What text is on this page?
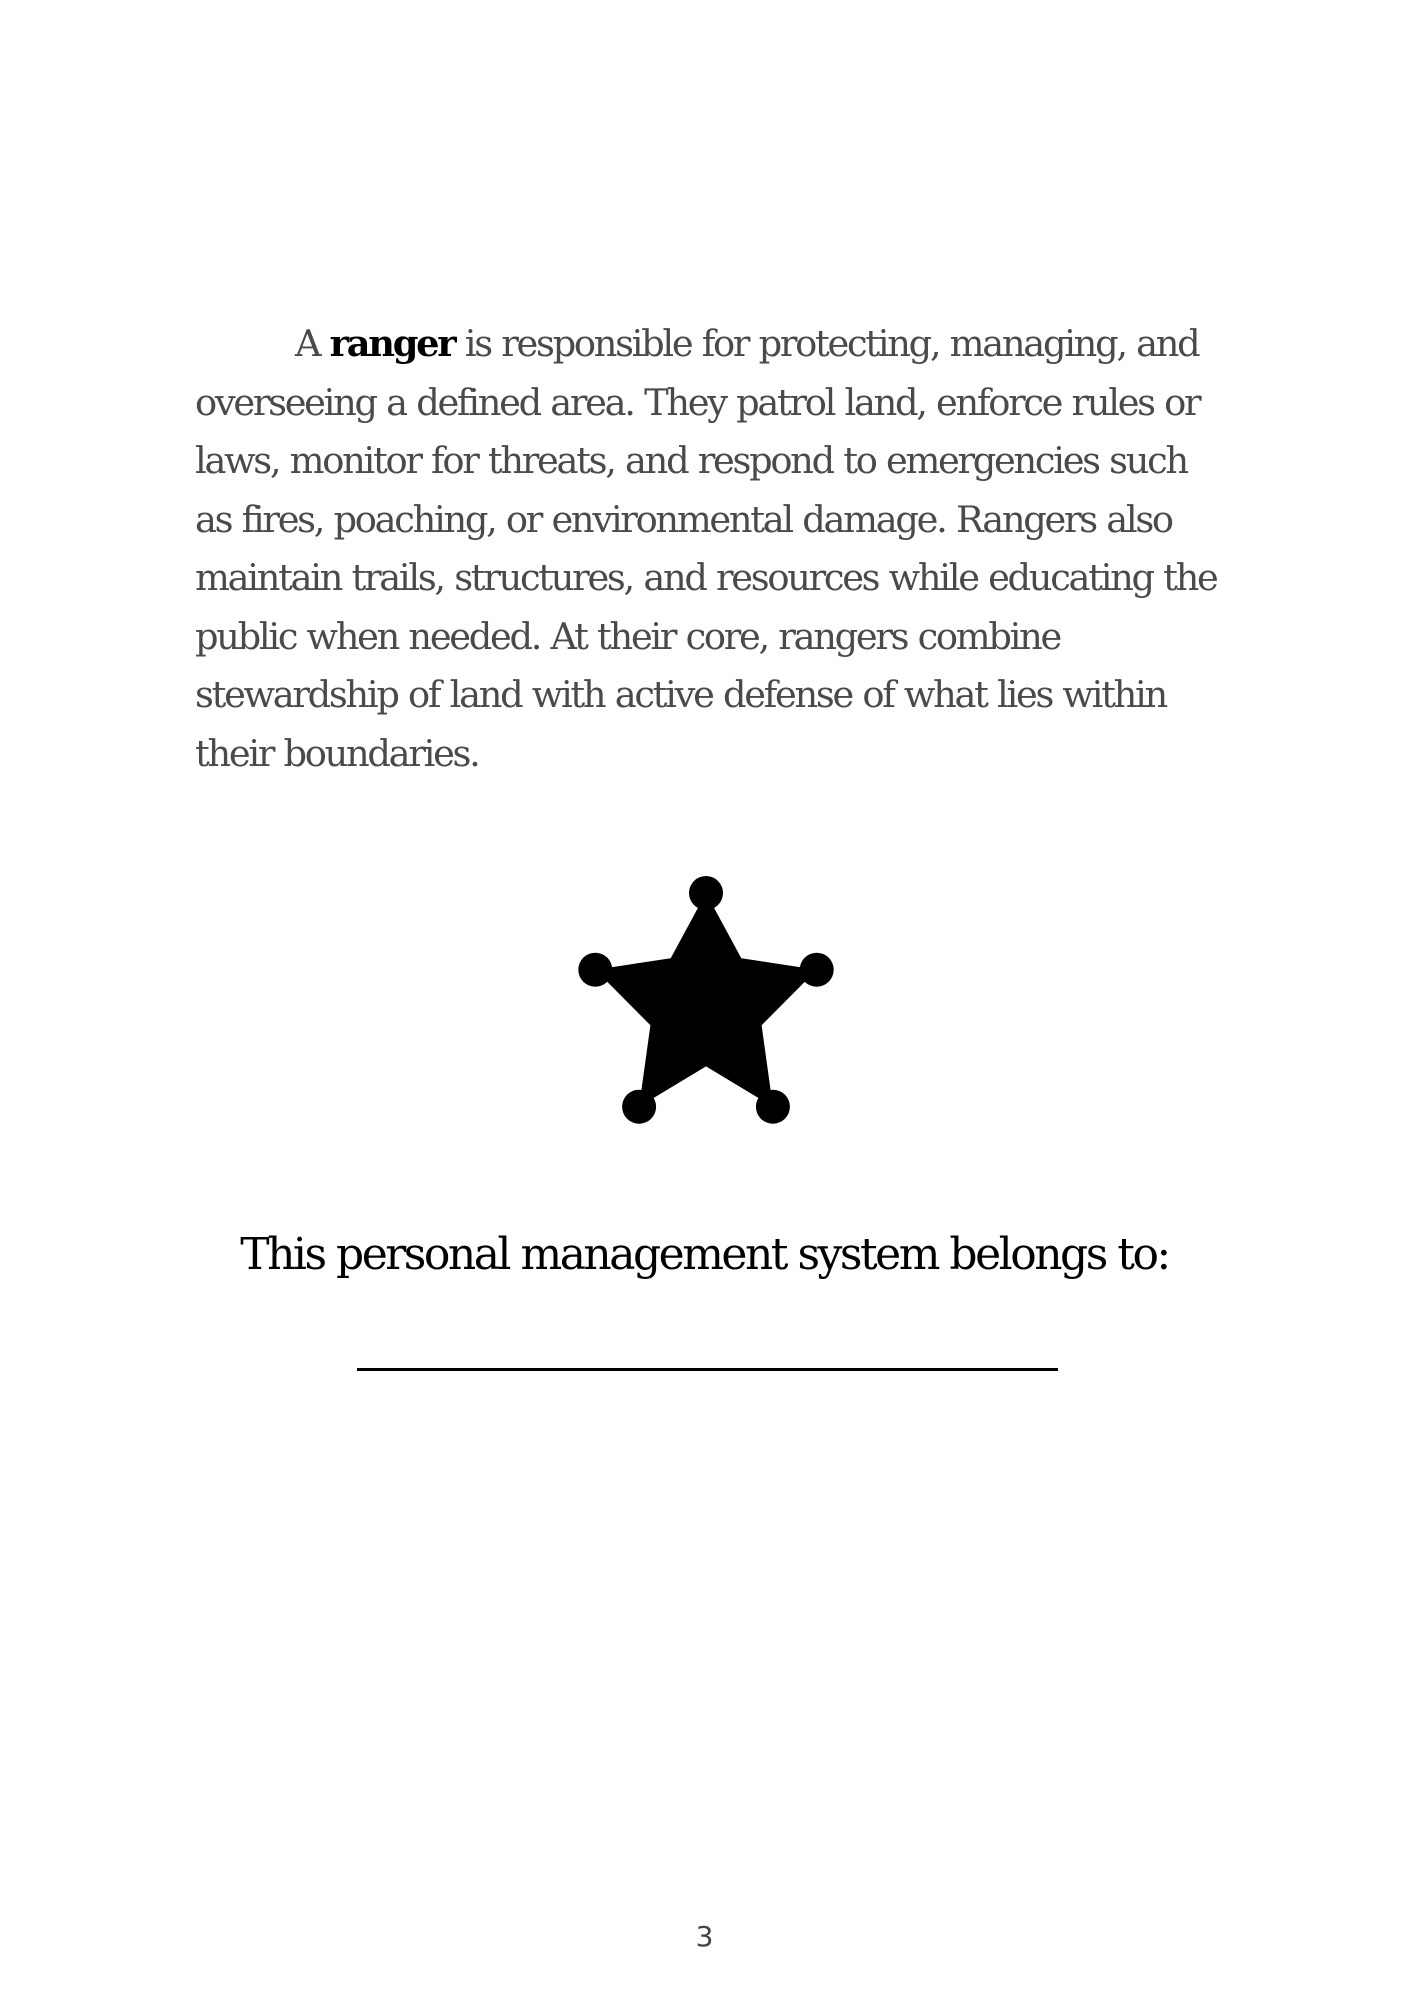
A ranger is responsible for protecting, managing, and overseeing a defined area. They patrol land, enforce rules or laws, monitor for threats, and respond to emergencies such as fires, poaching, or environmental damage. Rangers also maintain trails, structures, and resources while educating the public when needed. At their core, rangers combine stewardship of land with active defense of what lies within their boundaries.

This personal management system belongs to:

3
